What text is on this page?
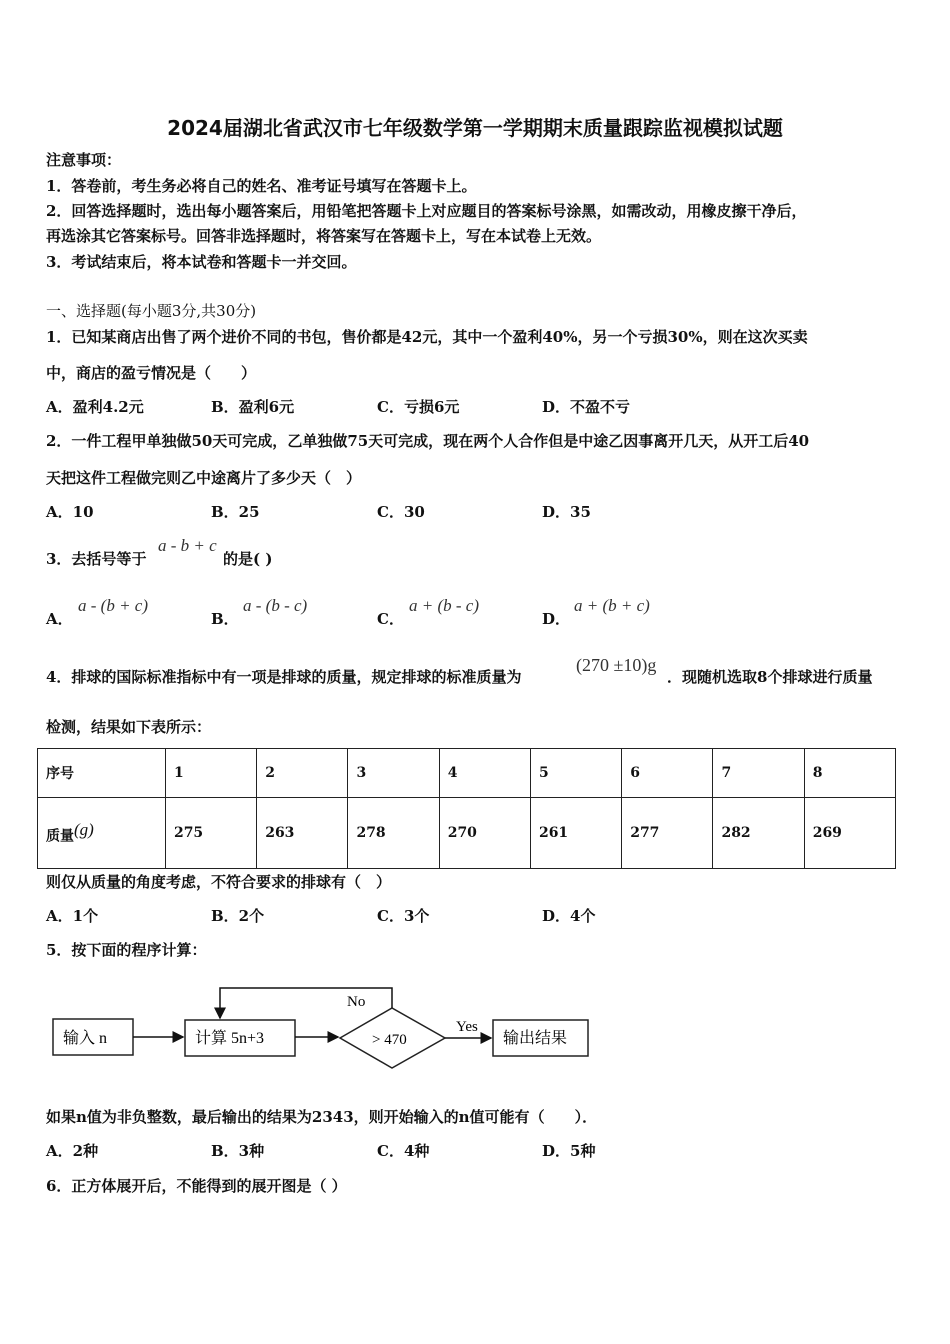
2024届湖北省武汉市七年级数学第一学期期末质量跟踪监视模拟试题
注意事项：
1．答卷前，考生务必将自己的姓名、准考证号填写在答题卡上。
2．回答选择题时，选出每小题答案后，用铅笔把答题卡上对应题目的答案标号涂黑，如需改动，用橡皮擦干净后，
再选涂其它答案标号。回答非选择题时，将答案写在答题卡上，写在本试卷上无效。
3．考试结束后，将本试卷和答题卡一并交回。
一、选择题(每小题3分,共30分)
1．已知某商店出售了两个进价不同的书包，售价都是42元，其中一个盈利40%，另一个亏损30%，则在这次买卖
中，商店的盈亏情况是（　　）
A．盈利4.2元	B．盈利6元	C．亏损6元	D．不盈不亏
2．一件工程甲单独做50天可完成，乙单独做75天可完成，现在两个人合作但是中途乙因事离开几天，从开工后40
天把这件工程做完则乙中途离片了多少天（　）
A．10	B．25	C．30	D．35
3．去括号等于
a - b + c
的是( )
A．
a - (b + c)
B．
a - (b - c)
C．
a + (b - c)
D．
a + (b + c)
4．排球的国际标准指标中有一项是排球的质量，规定排球的标准质量为
(270 ±10)g
．现随机选取8个排球进行质量
检测，结果如下表所示：
序号	1	2	3	4	5	6	7	8
质量$^{(g)}$	275	263	278	270	261	277	282	269
则仅从质量的角度考虑，不符合要求的排球有（　）
A．1个	B．2个	C．3个	D．4个
5．按下面的程序计算：
输入 n	计算 5n+3	> 470
No
Yes
输出结果
如果n值为非负整数，最后输出的结果为2343，则开始输入的n值可能有（　　）．
A．2种	B．3种	C．4种	D．5种
6．正方体展开后，不能得到的展开图是（ ）
